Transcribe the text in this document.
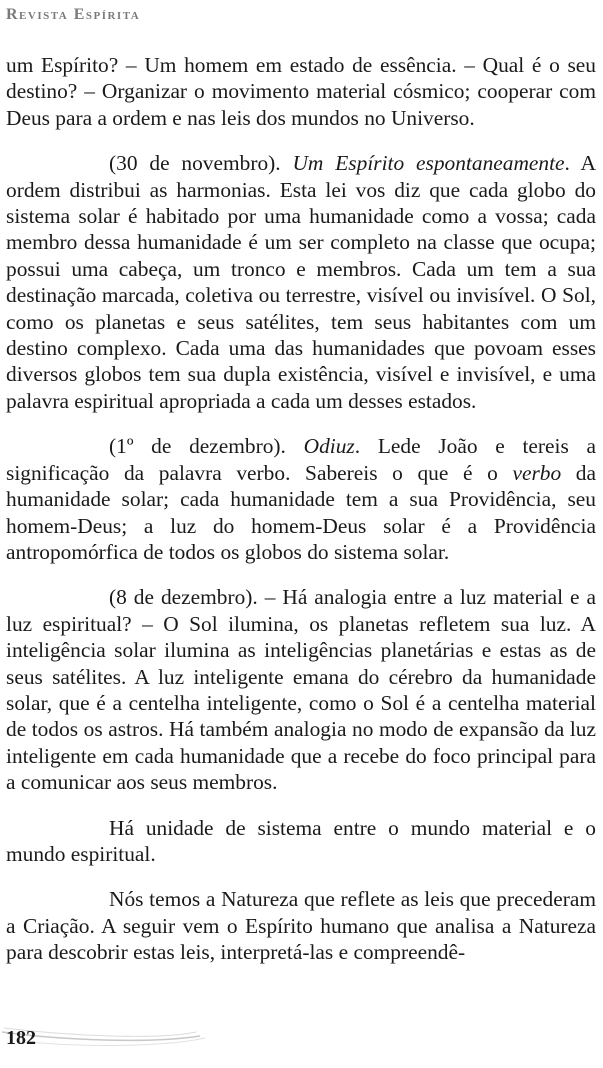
Revista Espírita

um Espírito? – Um homem em estado de essência. – Qual é o seu destino? – Organizar o movimento material cósmico; cooperar com Deus para a ordem e nas leis dos mundos no Universo.

(30 de novembro). Um Espírito espontaneamente. A ordem distribui as harmonias. Esta lei vos diz que cada globo do sistema solar é habitado por uma humanidade como a vossa; cada membro dessa humanidade é um ser completo na classe que ocupa; possui uma cabeça, um tronco e membros. Cada um tem a sua destinação marcada, coletiva ou terrestre, visível ou invisível. O Sol, como os planetas e seus satélites, tem seus habitantes com um destino complexo. Cada uma das humanidades que povoam esses diversos globos tem sua dupla existência, visível e invisível, e uma palavra espiritual apropriada a cada um desses estados.

(1º de dezembro). Odiuz. Lede João e tereis a significação da palavra verbo. Sabereis o que é o verbo da humanidade solar; cada humanidade tem a sua Providência, seu homem-Deus; a luz do homem-Deus solar é a Providência antropomórfica de todos os globos do sistema solar.

(8 de dezembro). – Há analogia entre a luz material e a luz espiritual? – O Sol ilumina, os planetas refletem sua luz. A inteligência solar ilumina as inteligências planetárias e estas as de seus satélites. A luz inteligente emana do cérebro da humanidade solar, que é a centelha inteligente, como o Sol é a centelha material de todos os astros. Há também analogia no modo de expansão da luz inteligente em cada humanidade que a recebe do foco principal para a comunicar aos seus membros.

Há unidade de sistema entre o mundo material e o mundo espiritual.

Nós temos a Natureza que reflete as leis que precederam a Criação. A seguir vem o Espírito humano que analisa a Natureza para descobrir estas leis, interpretá-las e compreendê-

182
